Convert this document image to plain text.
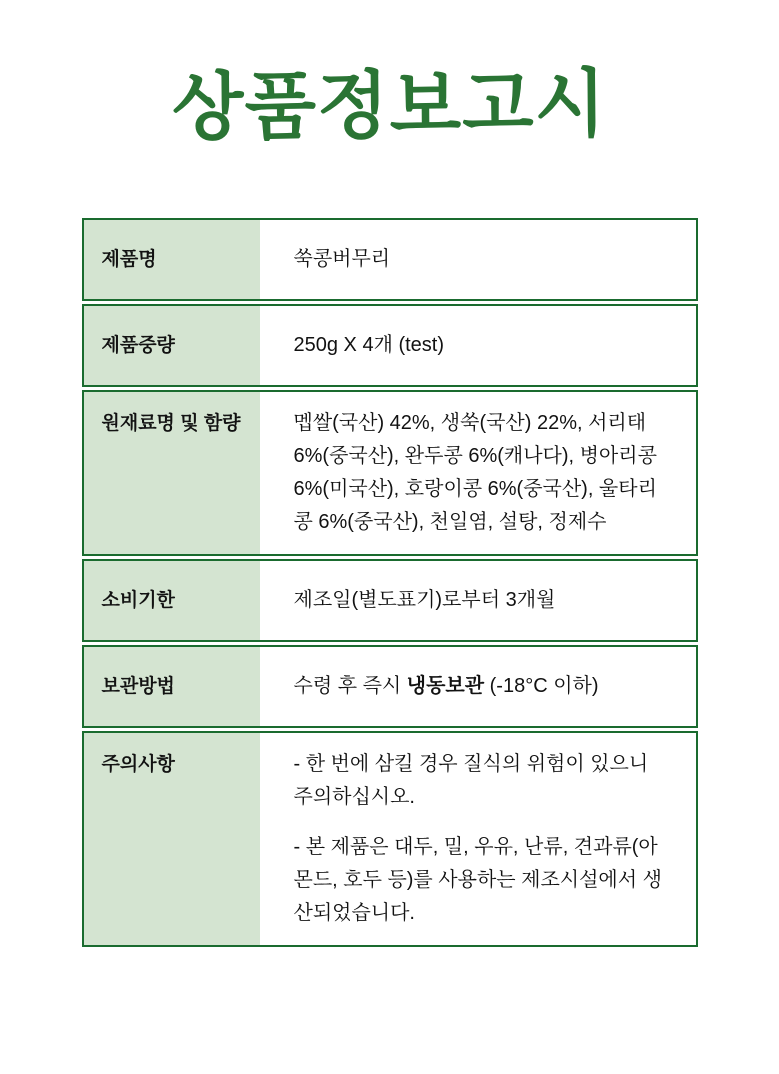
상품정보고시
제품명	쑥콩버무리
제품중량	250g X 4개 (test)
원재료명 및 함량	멥쌀(국산) 42%, 생쑥(국산) 22%, 서리태 6%(중국산), 완두콩 6%(캐나다), 병아리콩 6%(미국산), 호랑이콩 6%(중국산), 울타리콩 6%(중국산), 천일염, 설탕, 정제수
소비기한	제조일(별도표기)로부터 3개월
보관방법	수령 후 즉시 냉동보관 (-18°C 이하)
주의사항	- 한 번에 삼킬 경우 질식의 위험이 있으니 주의하십시오.

- 본 제품은 대두, 밀, 우유, 난류, 견과류(아몬드, 호두 등)를 사용하는 제조시설에서 생산되었습니다.
